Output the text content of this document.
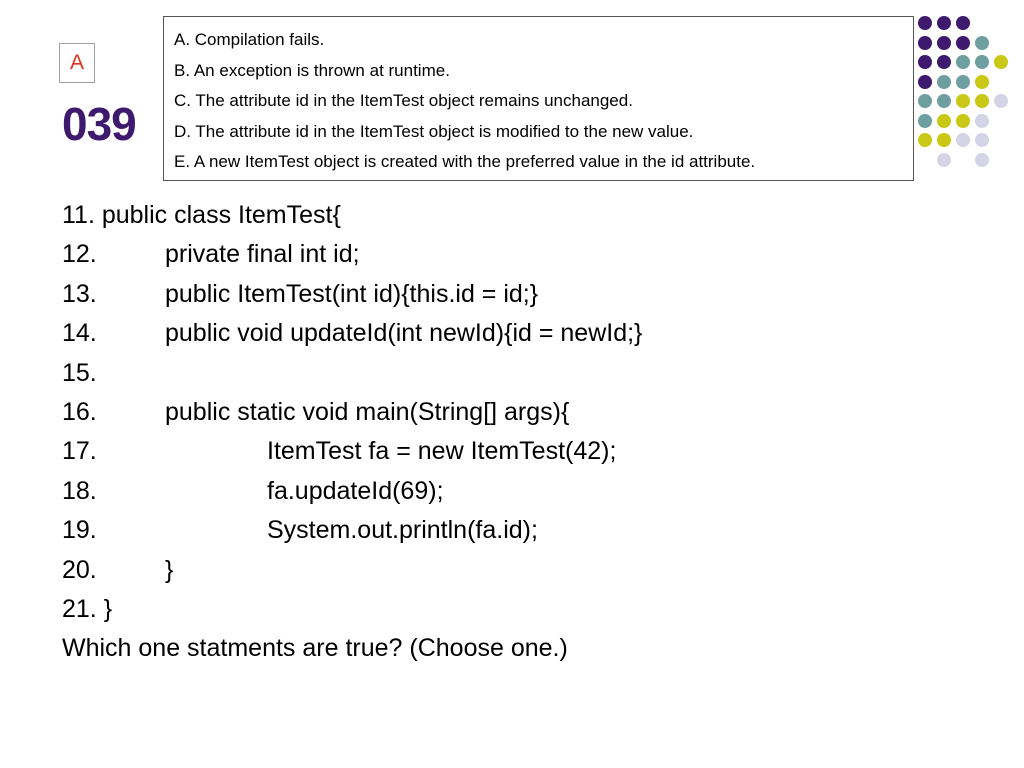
A
039
A. Compilation fails.
B. An exception is thrown at runtime.
C. The attribute id in the ItemTest object remains unchanged.
D. The attribute id in the ItemTest object is modified to the new value.
E. A new ItemTest object is created with the preferred value in the id attribute.
11. public class ItemTest{
12.	private final int id;
13.	public ItemTest(int id){this.id = id;}
14.	public void updateId(int newId){id = newId;}
15.
16.	public static void main(String[] args){
17.	ItemTest fa = new ItemTest(42);
18.	fa.updateId(69);
19.	System.out.println(fa.id);
20.	}
21. }
Which one statments are true? (Choose one.)
